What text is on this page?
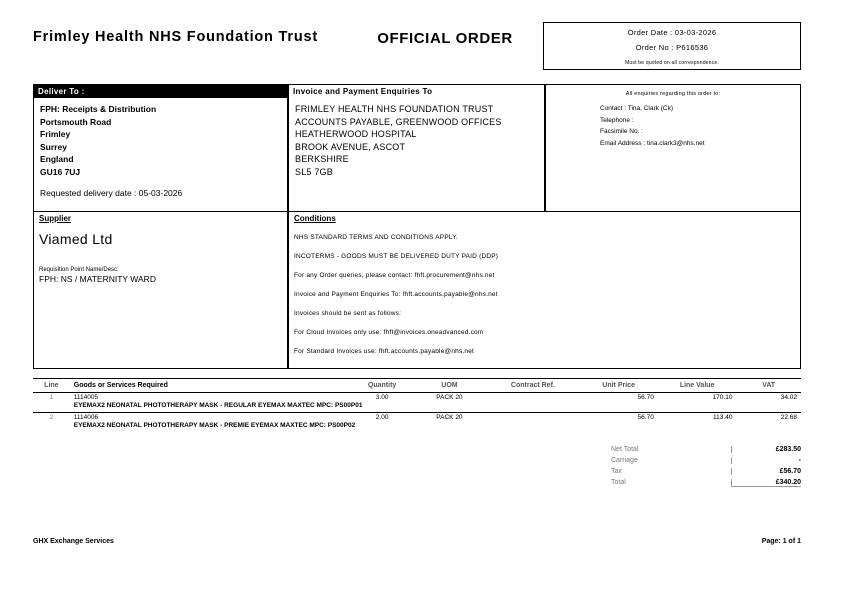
Frimley Health NHS Foundation Trust	OFFICIAL ORDER	Order Date : 03-03-2026
Order No : P616536
Must be quoted on all correspondence.
Deliver To :
FPH: Receipts & Distribution
Portsmouth Road
Frimley
Surrey
England
GU16 7UJ
Requested delivery date : 05-03-2026
Invoice and Payment Enquiries To
FRIMLEY HEALTH NHS FOUNDATION TRUST
ACCOUNTS PAYABLE, GREENWOOD OFFICES
HEATHERWOOD HOSPITAL
BROOK AVENUE, ASCOT
BERKSHIRE
SL5 7GB
All enquiries regarding this order to:
Contact : Tina, Clark (Ck)
Telephone :
Facsimile No. :
Email Address : tina.clark3@nhs.net
Supplier
Viamed Ltd
Requisition Point Name/Desc:
FPH: NS / MATERNITY WARD
Conditions
NHS STANDARD TERMS AND CONDITIONS APPLY.
INCOTERMS - GOODS MUST BE DELIVERED DUTY PAID (DDP)
For any Order queries, please contact: fhft.procurement@nhs.net
Invoice and Payment Enquiries To: fhft.accounts.payable@nhs.net
Invoices should be sent as follows:
For Cloud Invoices only use: fhft@invoices.oneadvanced.com
For Standard Invoices use: fhft.accounts.payable@nhs.net
Line	Goods or Services Required	Quantity	UOM	Contract Ref.	Unit Price	Line Value	VAT
1	1114005	3.00	PACK 20		56.70	170.10	34.02
	EYEMAX2 NEONATAL PHOTOTHERAPY MASK - REGULAR EYEMAX MAXTEC MPC: PS00P01						

2	1114006	2.00	PACK 20		56.70	113.40	22.68
	EYEMAX2 NEONATAL PHOTOTHERAPY MASK - PREMIE EYEMAX MAXTEC MPC: PS00P02						
Net Total	£283.50
Carriage	-
Tax	£56.70
Total	£340.20
GHX Exchange Services	Page: 1 of 1
